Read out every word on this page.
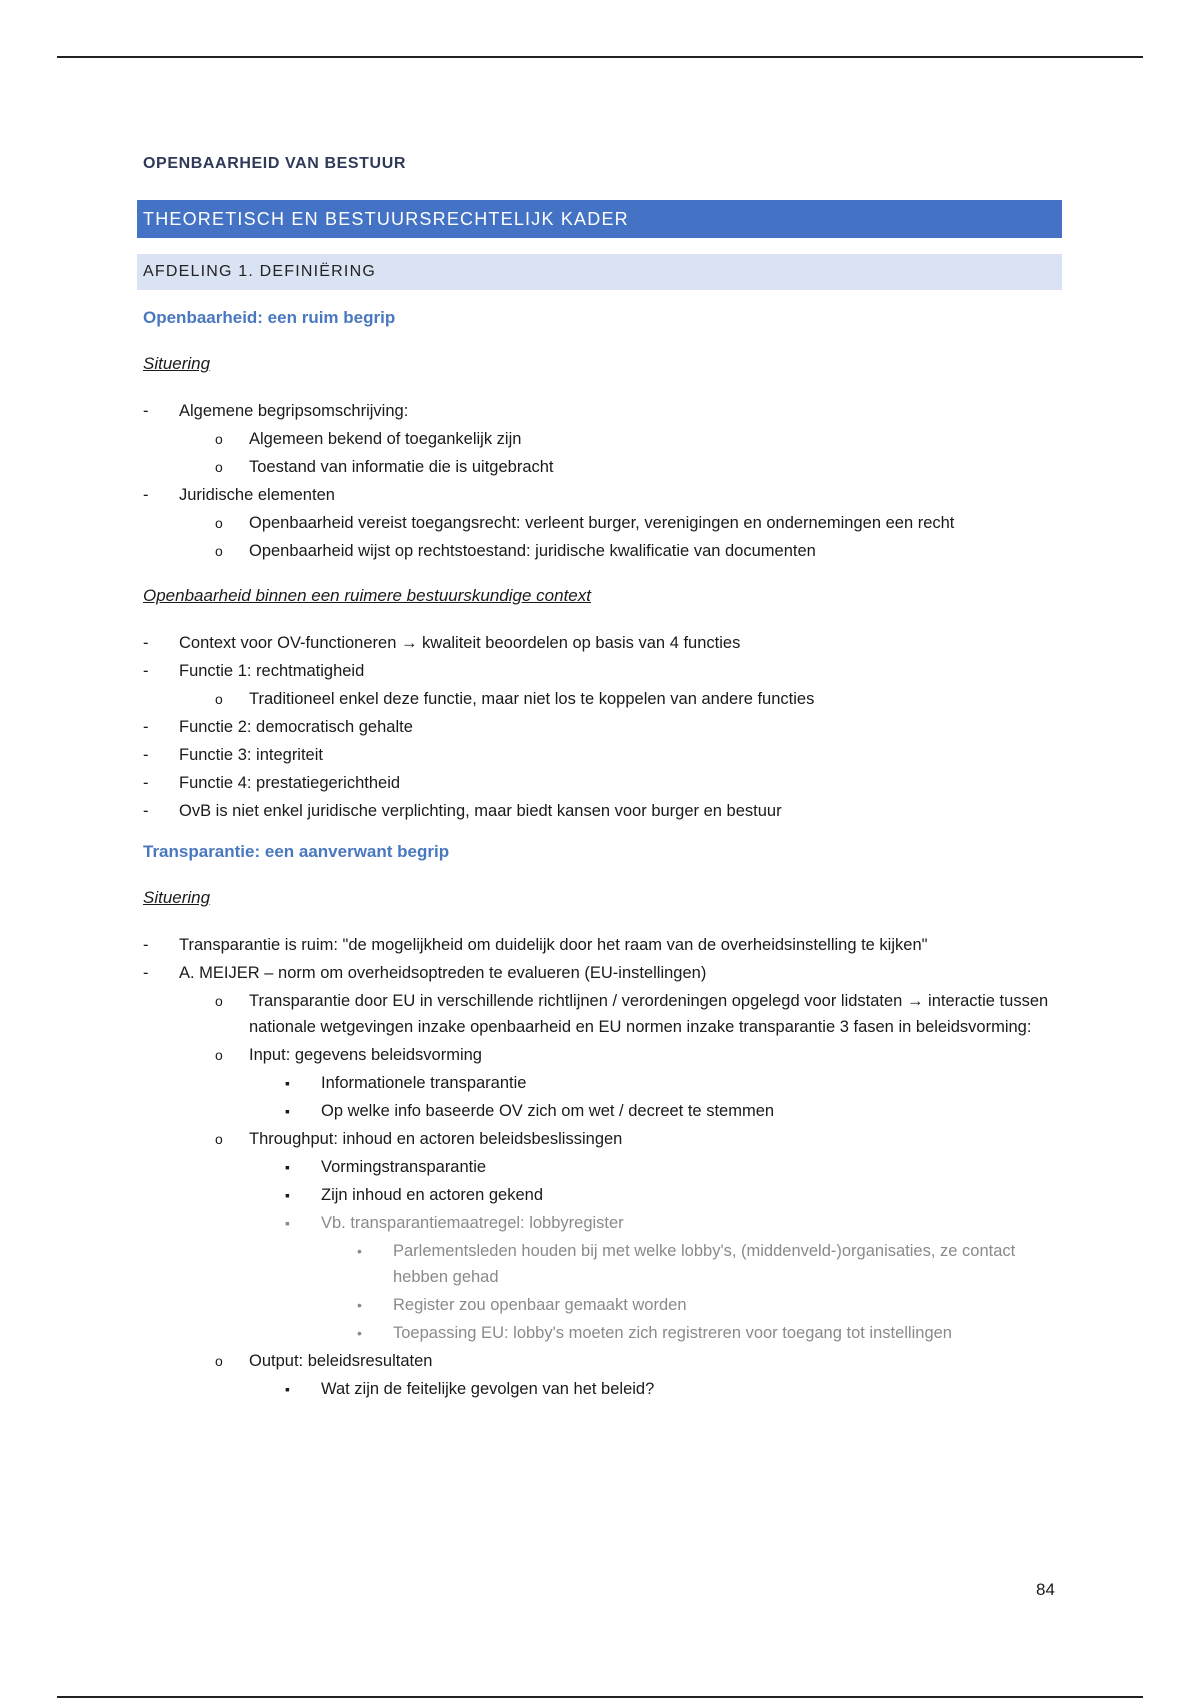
OPENBAARHEID VAN BESTUUR
THEORETISCH EN BESTUURSRECHTELIJK KADER
AFDELING 1. DEFINIËRING
Openbaarheid: een ruim begrip
Situering
- Algemene begripsomschrijving:
o Algemeen bekend of toegankelijk zijn
o Toestand van informatie die is uitgebracht
- Juridische elementen
o Openbaarheid vereist toegangsrecht: verleent burger, verenigingen en ondernemingen een recht
o Openbaarheid wijst op rechtstoestand: juridische kwalificatie van documenten
Openbaarheid binnen een ruimere bestuurskundige context
- Context voor OV-functioneren → kwaliteit beoordelen op basis van 4 functies
- Functie 1: rechtmatigheid
o Traditioneel enkel deze functie, maar niet los te koppelen van andere functies
- Functie 2: democratisch gehalte
- Functie 3: integriteit
- Functie 4: prestatiegerichtheid
- OvB is niet enkel juridische verplichting, maar biedt kansen voor burger en bestuur
Transparantie: een aanverwant begrip
Situering
- Transparantie is ruim: "de mogelijkheid om duidelijk door het raam van de overheidsinstelling te kijken"
- A. MEIJER – norm om overheidsoptreden te evalueren (EU-instellingen)
o Transparantie door EU in verschillende richtlijnen / verordeningen opgelegd voor lidstaten → interactie tussen nationale wetgevingen inzake openbaarheid en EU normen inzake transparantie 3 fasen in beleidsvorming:
o Input: gegevens beleidsvorming
▪ Informationele transparantie
▪ Op welke info baseerde OV zich om wet / decreet te stemmen
o Throughput: inhoud en actoren beleidsbeslissingen
▪ Vormingstransparantie
▪ Zijn inhoud en actoren gekend
▪ Vb. transparantiemaatregel: lobbyregister
• Parlementsleden houden bij met welke lobby's, (middenveld-)organisaties, ze contact hebben gehad
• Register zou openbaar gemaakt worden
• Toepassing EU: lobby's moeten zich registreren voor toegang tot instellingen
o Output: beleidsresultaten
▪ Wat zijn de feitelijke gevolgen van het beleid?
84
